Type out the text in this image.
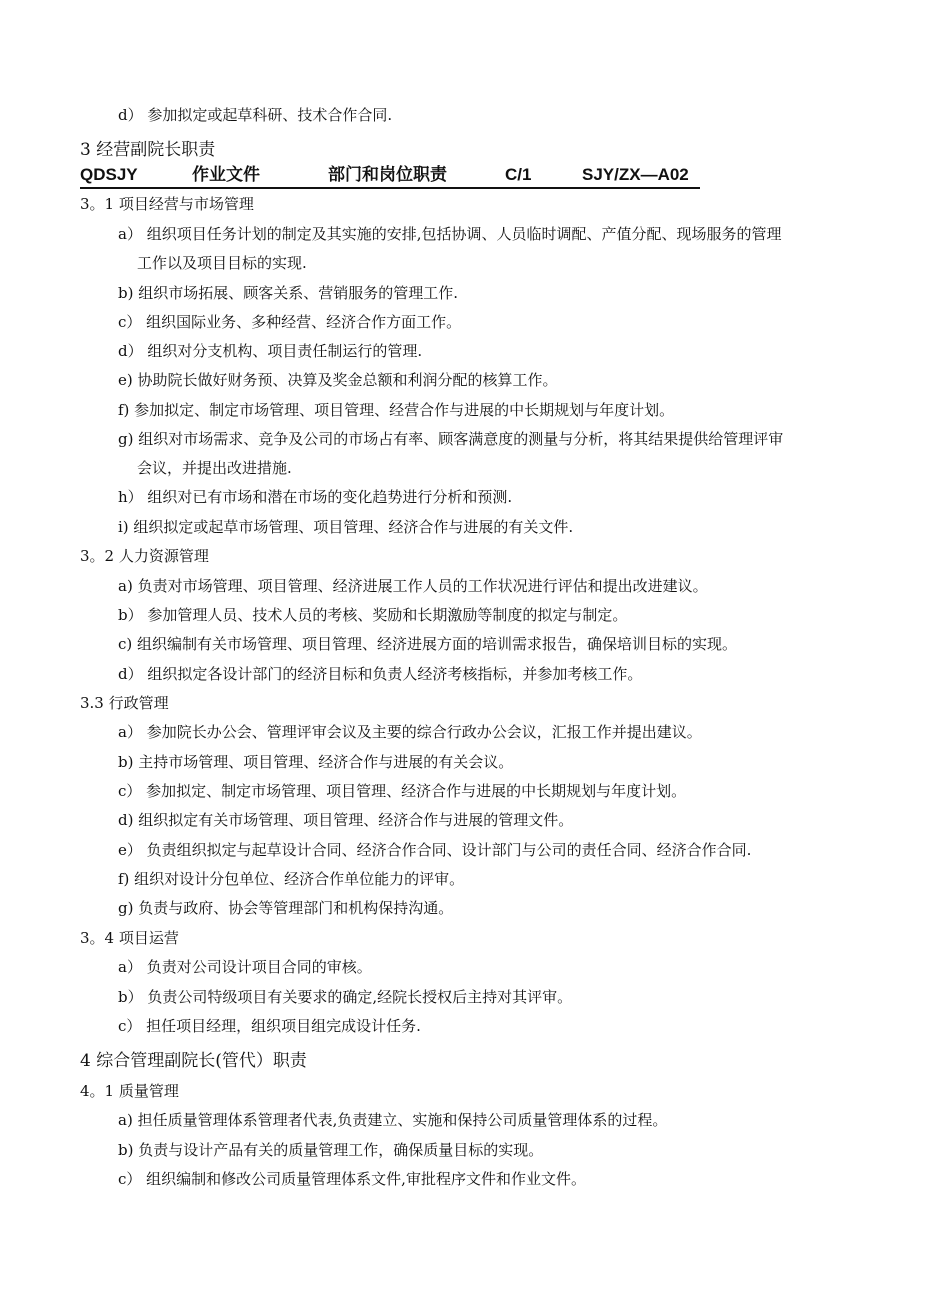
d） 参加拟定或起草科研、技术合作合同.
3 经营副院长职责
QDSJY	作业文件	部门和岗位职责	C/1	SJY/ZX—A02
3。1 项目经营与市场管理
a） 组织项目任务计划的制定及其实施的安排,包括协调、人员临时调配、产值分配、现场服务的管理
工作以及项目目标的实现.
b) 组织市场拓展、顾客关系、营销服务的管理工作.
c） 组织国际业务、多种经营、经济合作方面工作。
d） 组织对分支机构、项目责任制运行的管理.
e) 协助院长做好财务预、决算及奖金总额和利润分配的核算工作。
f) 参加拟定、制定市场管理、项目管理、经营合作与进展的中长期规划与年度计划。
g) 组织对市场需求、竞争及公司的市场占有率、顾客满意度的测量与分析，将其结果提供给管理评审
会议，并提出改进措施.
h） 组织对已有市场和潜在市场的变化趋势进行分析和预测.
i) 组织拟定或起草市场管理、项目管理、经济合作与进展的有关文件.
3。2 人力资源管理
a) 负责对市场管理、项目管理、经济进展工作人员的工作状况进行评估和提出改进建议。
b） 参加管理人员、技术人员的考核、奖励和长期激励等制度的拟定与制定。
c) 组织编制有关市场管理、项目管理、经济进展方面的培训需求报告，确保培训目标的实现。
d） 组织拟定各设计部门的经济目标和负责人经济考核指标，并参加考核工作。
3.3 行政管理
a） 参加院长办公会、管理评审会议及主要的综合行政办公会议，汇报工作并提出建议。
b) 主持市场管理、项目管理、经济合作与进展的有关会议。
c） 参加拟定、制定市场管理、项目管理、经济合作与进展的中长期规划与年度计划。
d) 组织拟定有关市场管理、项目管理、经济合作与进展的管理文件。
e） 负责组织拟定与起草设计合同、经济合作合同、设计部门与公司的责任合同、经济合作合同.
f) 组织对设计分包单位、经济合作单位能力的评审。
g) 负责与政府、协会等管理部门和机构保持沟通。
3。4 项目运营
a） 负责对公司设计项目合同的审核。
b） 负责公司特级项目有关要求的确定,经院长授权后主持对其评审。
c） 担任项目经理，组织项目组完成设计任务.
4 综合管理副院长(管代）职责
4。1 质量管理
a) 担任质量管理体系管理者代表,负责建立、实施和保持公司质量管理体系的过程。
b) 负责与设计产品有关的质量管理工作，确保质量目标的实现。
c） 组织编制和修改公司质量管理体系文件,审批程序文件和作业文件。
